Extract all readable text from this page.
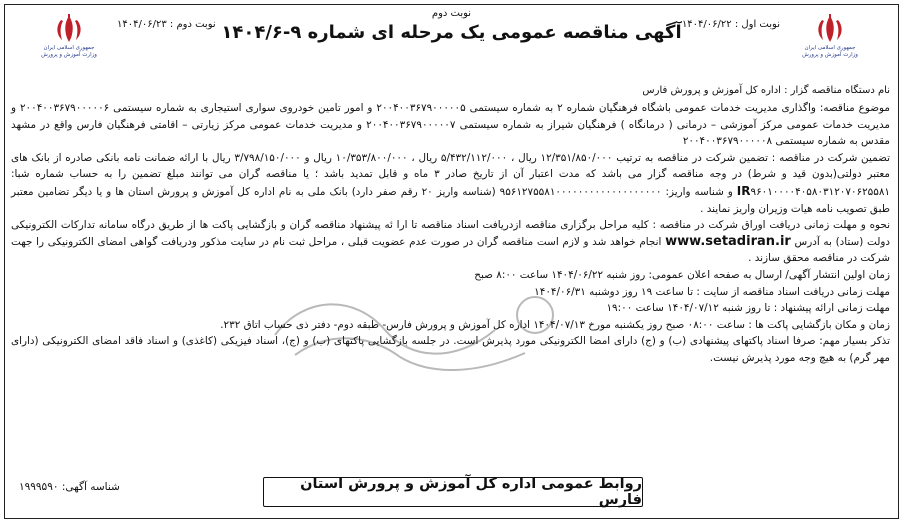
جمهوری اسلامی ایران
وزارت آموزش و پرورش
جمهوری اسلامی ایران
وزارت آموزش و پرورش
نوبت اول : ۱۴۰۴/۰۶/۲۲
نوبت دوم : ۱۴۰۴/۰۶/۲۳
نوبت دوم
آگهی مناقصه عمومی یک مرحله ای شماره ۹-۱۴۰۴/۶
نام دستگاه مناقصه گزار : اداره کل آموزش و پرورش فارس

موضوع مناقصه: واگذاری مدیریت خدمات عمومی باشگاه فرهنگیان شماره ۲ به شماره سیستمی ۲۰۰۴۰۰۳۶۷۹۰۰۰۰۰۵ و امور تامین خودروی سواری استیجاری به شماره سیستمی ۲۰۰۴۰۰۳۶۷۹۰۰۰۰۰۶ و مدیریت خدمات عمومی مرکز آموزشی – درمانی ( درمانگاه ) فرهنگیان شیراز به شماره سیستمی ۲۰۰۴۰۰۳۶۷۹۰۰۰۰۰۷ و مدیریت خدمات عمومی مرکز زیارتی – اقامتی فرهنگیان فارس واقع در مشهد مقدس به شماره سیستمی ۲۰۰۴۰۰۳۶۷۹۰۰۰۰۰۸

تضمین شرکت در مناقصه : تضمین شرکت در مناقصه به ترتیب ۱۲/۳۵۱/۸۵۰/۰۰۰ ریال ، ۵/۴۳۲/۱۱۲/۰۰۰ ریال ، ۱۰/۳۵۳/۸۰۰/۰۰۰ ریال و ۳/۷۹۸/۱۵۰/۰۰۰ ریال با ارائه ضمانت نامه بانکی صادره از بانک های معتبر دولتی(بدون قید و شرط) در وجه مناقصه گزار می باشد که مدت اعتبار آن از تاریخ صادر ۳ ماه و قابل تمدید باشد ؛ یا مناقصه گران می توانند مبلغ تضمین را به حساب شماره شبا: IR۹۶۰۱۰۰۰۰۴۰۵۸۰۳۱۲۰۷۰۶۲۵۵۸۱ و شناسه واریز: ۹۵۶۱۲۷۵۵۸۱۰۰۰۰۰۰۰۰۰۰۰۰۰۰۰۰۰۰۰ (شناسه واریز ۲۰ رقم صفر دارد) بانک ملی به نام اداره کل آموزش و پرورش استان ها و یا دیگر تضامین معتبر طبق تصویب نامه هیات وزیران واریز نمایند .

نحوه و مهلت زمانی دریافت اوراق شرکت در مناقصه : کلیه مراحل برگزاری مناقصه ازدریافت اسناد مناقصه تا ارا ئه پیشنهاد مناقصه گران و بازگشایی پاکت ها از طریق درگاه سامانه تدارکات الکترونیکی دولت (ستاد) به آدرس www.setadiran.ir انجام خواهد شد و لازم است مناقصه گران در صورت عدم عضویت قبلی ، مراحل ثبت نام در سایت مذکور ودریافت گواهی امضای الکترونیکی را جهت شرکت در مناقصه محقق سازند .

زمان اولین انتشار آگهی/ ارسال به صفحه اعلان عمومی: روز شنبه ۱۴۰۴/۰۶/۲۲ ساعت ۸:۰۰ صبح

مهلت زمانی دریافت اسناد مناقصه از سایت : تا ساعت ۱۹ روز دوشنبه ۱۴۰۴/۰۶/۳۱

مهلت زمانی ارائه پیشنهاد : تا روز شنبه ۱۴۰۴/۰۷/۱۲ ساعت ۱۹:۰۰

زمان و مکان بازگشایی پاکت ها : ساعت ۰۸:۰۰ صبح روز یکشنبه مورخ ۱۴۰۴/۰۷/۱۳ اداره کل آموزش و پرورش فارس- طبقه دوم- دفتر ذی حساب اتاق ۲۳۲.

تذکر بسیار مهم: صرفا اسناد پاکتهای پیشنهادی (ب) و (ج) دارای امضا الکترونیکی مورد پذیرش است. در جلسه بازگشایی پاکتهای (ب) و (ج)، اسناد فیزیکی (کاغذی) و اسناد فاقد امضای الکترونیکی (دارای مهر گرم) به هیچ وجه مورد پذیرش نیست.

روابط عمومی اداره کل آموزش و پرورش استان فارس
شناسه آگهی: ۱۹۹۹۵۹۰
